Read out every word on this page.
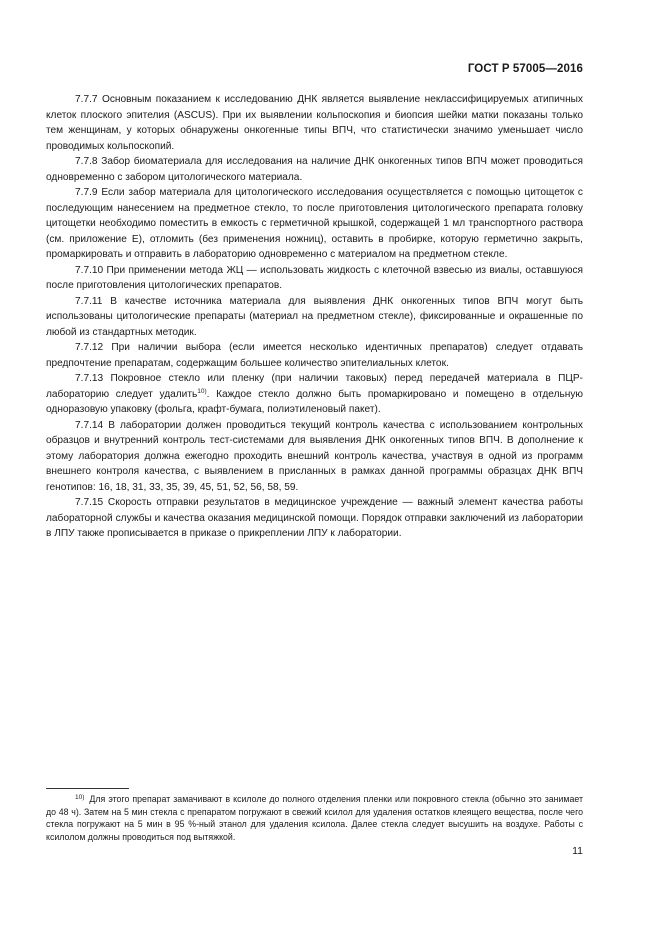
ГОСТ Р 57005—2016

7.7.7 Основным показанием к исследованию ДНК является выявление неклассифицируемых атипичных клеток плоского эпителия (ASCUS). При их выявлении кольпоскопия и биопсия шейки матки показаны только тем женщинам, у которых обнаружены онкогенные типы ВПЧ, что статистически значимо уменьшает число проводимых кольпоскопий.

7.7.8 Забор биоматериала для исследования на наличие ДНК онкогенных типов ВПЧ может проводиться одновременно с забором цитологического материала.

7.7.9 Если забор материала для цитологического исследования осуществляется с помощью цитощеток с последующим нанесением на предметное стекло, то после приготовления цитологического препарата головку цитощетки необходимо поместить в емкость с герметичной крышкой, содержащей 1 мл транспортного раствора (см. приложение Е), отломить (без применения ножниц), оставить в пробирке, которую герметично закрыть, промаркировать и отправить в лабораторию одновременно с материалом на предметном стекле.

7.7.10 При применении метода ЖЦ — использовать жидкость с клеточной взвесью из виалы, оставшуюся после приготовления цитологических препаратов.

7.7.11 В качестве источника материала для выявления ДНК онкогенных типов ВПЧ могут быть использованы цитологические препараты (материал на предметном стекле), фиксированные и окрашенные по любой из стандартных методик.

7.7.12 При наличии выбора (если имеется несколько идентичных препаратов) следует отдавать предпочтение препаратам, содержащим большее количество эпителиальных клеток.

7.7.13 Покровное стекло или пленку (при наличии таковых) перед передачей материала в ПЦР-лабораторию следует удалить$^{10)}$. Каждое стекло должно быть промаркировано и помещено в отдельную одноразовую упаковку (фольга, крафт-бумага, полиэтиленовый пакет).

7.7.14 В лаборатории должен проводиться текущий контроль качества с использованием контрольных образцов и внутренний контроль тест-системами для выявления ДНК онкогенных типов ВПЧ. В дополнение к этому лаборатория должна ежегодно проходить внешний контроль качества, участвуя в одной из программ внешнего контроля качества, с выявлением в присланных в рамках данной программы образцах ДНК ВПЧ генотипов: 16, 18, 31, 33, 35, 39, 45, 51, 52, 56, 58, 59.

7.7.15 Скорость отправки результатов в медицинское учреждение — важный элемент качества работы лабораторной службы и качества оказания медицинской помощи. Порядок отправки заключений из лаборатории в ЛПУ также прописывается в приказе о прикреплении ЛПУ к лаборатории.

$^{10)}$ Для этого препарат замачивают в ксилоле до полного отделения пленки или покровного стекла (обычно это занимает до 48 ч). Затем на 5 мин стекла с препаратом погружают в свежий ксилол для удаления остатков клеящего вещества, после чего стекла погружают на 5 мин в 95 %-ный этанол для удаления ксилола. Далее стекла следует высушить на воздухе. Работы с ксилолом должны проводиться под вытяжкой.

11
